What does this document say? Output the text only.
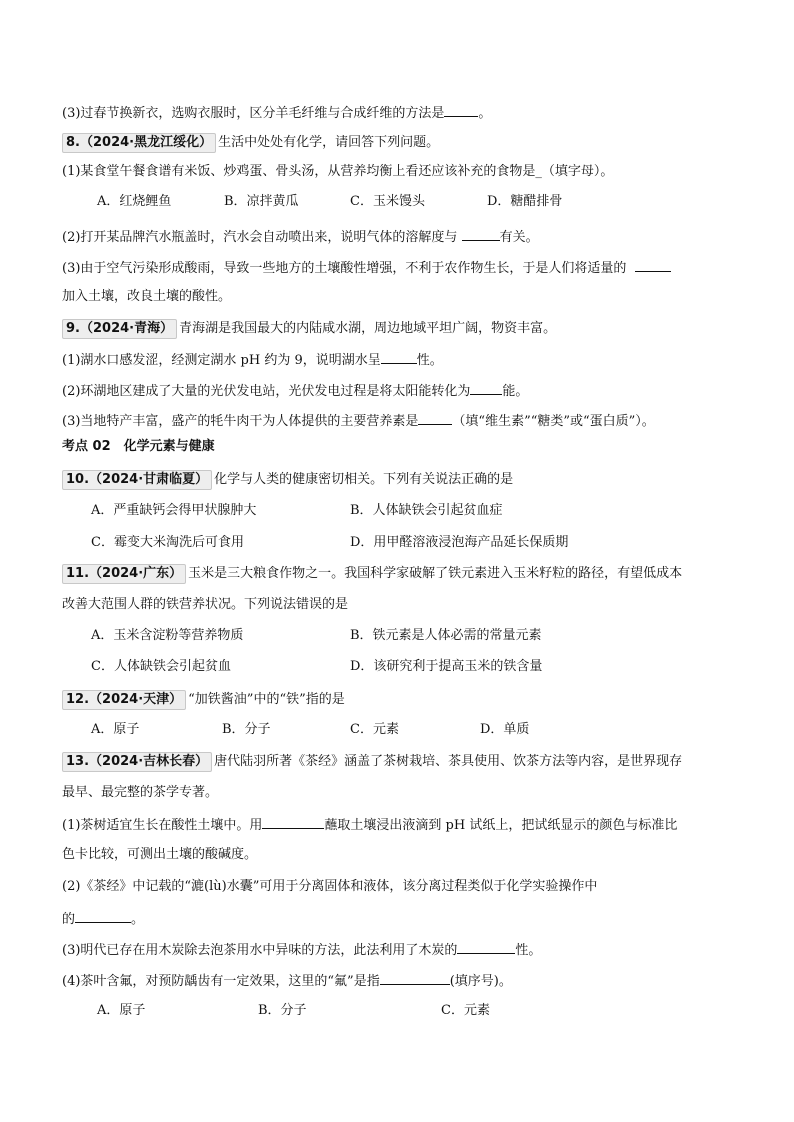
(3)过春节换新衣，选购衣服时，区分羊毛纤维与合成纤维的方法是	。
8.（2024·黑龙江绥化） 生活中处处有化学，请回答下列问题。
(1)某食堂午餐食谱有米饭、炒鸡蛋、骨头汤，从营养均衡上看还应该补充的食物是_（填字母）。
A．红烧鲤鱼	B．凉拌黄瓜	C．玉米馒头	D．糖醋排骨
(2)打开某品牌汽水瓶盖时，汽水会自动喷出来，说明气体的溶解度与	有关。
(3)由于空气污染形成酸雨，导致一些地方的土壤酸性增强，不利于农作物生长，于是人们将适量的
加入土壤，改良土壤的酸性。
9.（2024·青海） 青海湖是我国最大的内陆咸水湖，周边地域平坦广阔，物资丰富。
(1)湖水口感发涩，经测定湖水 pH 约为 9，说明湖水呈	性。
(2)环湖地区建成了大量的光伏发电站，光伏发电过程是将太阳能转化为 能。
(3)当地特产丰富，盛产的牦牛肉干为人体提供的主要营养素是	（填“维生素”“糖类”或“蛋白质”）。
考点 02　化学元素与健康
10.（2024·甘肃临夏） 化学与人类的健康密切相关。下列有关说法正确的是
A．严重缺钙会得甲状腺肿大	B．人体缺铁会引起贫血症
C．霉变大米淘洗后可食用	D．用甲醛溶液浸泡海产品延长保质期
11.（2024·广东） 玉米是三大粮食作物之一。我国科学家破解了铁元素进入玉米籽粒的路径，有望低成本
改善大范围人群的铁营养状况。下列说法错误的是
A．玉米含淀粉等营养物质	B．铁元素是人体必需的常量元素
C．人体缺铁会引起贫血	D．该研究利于提高玉米的铁含量
12.（2024·天津） “加铁酱油”中的“铁”指的是
A．原子	B．分子	C．元素	D．单质
13.（2024·吉林长春） 唐代陆羽所著《茶经》涵盖了茶树栽培、茶具使用、饮茶方法等内容，是世界现存
最早、最完整的茶学专著。
(1)茶树适宜生长在酸性土壤中。用	蘸取土壤浸出液滴到 pH 试纸上，把试纸显示的颜色与标准比
色卡比较，可测出土壤的酸碱度。
(2)《茶经》中记载的“漉(lù)水囊”可用于分离固体和液体，该分离过程类似于化学实验操作中
的	。
(3)明代已存在用木炭除去泡茶用水中异味的方法，此法利用了木炭的	性。
(4)茶叶含氟，对预防龋齿有一定效果，这里的“氟”是指	(填序号)。
A．原子	B．分子	C．元素
